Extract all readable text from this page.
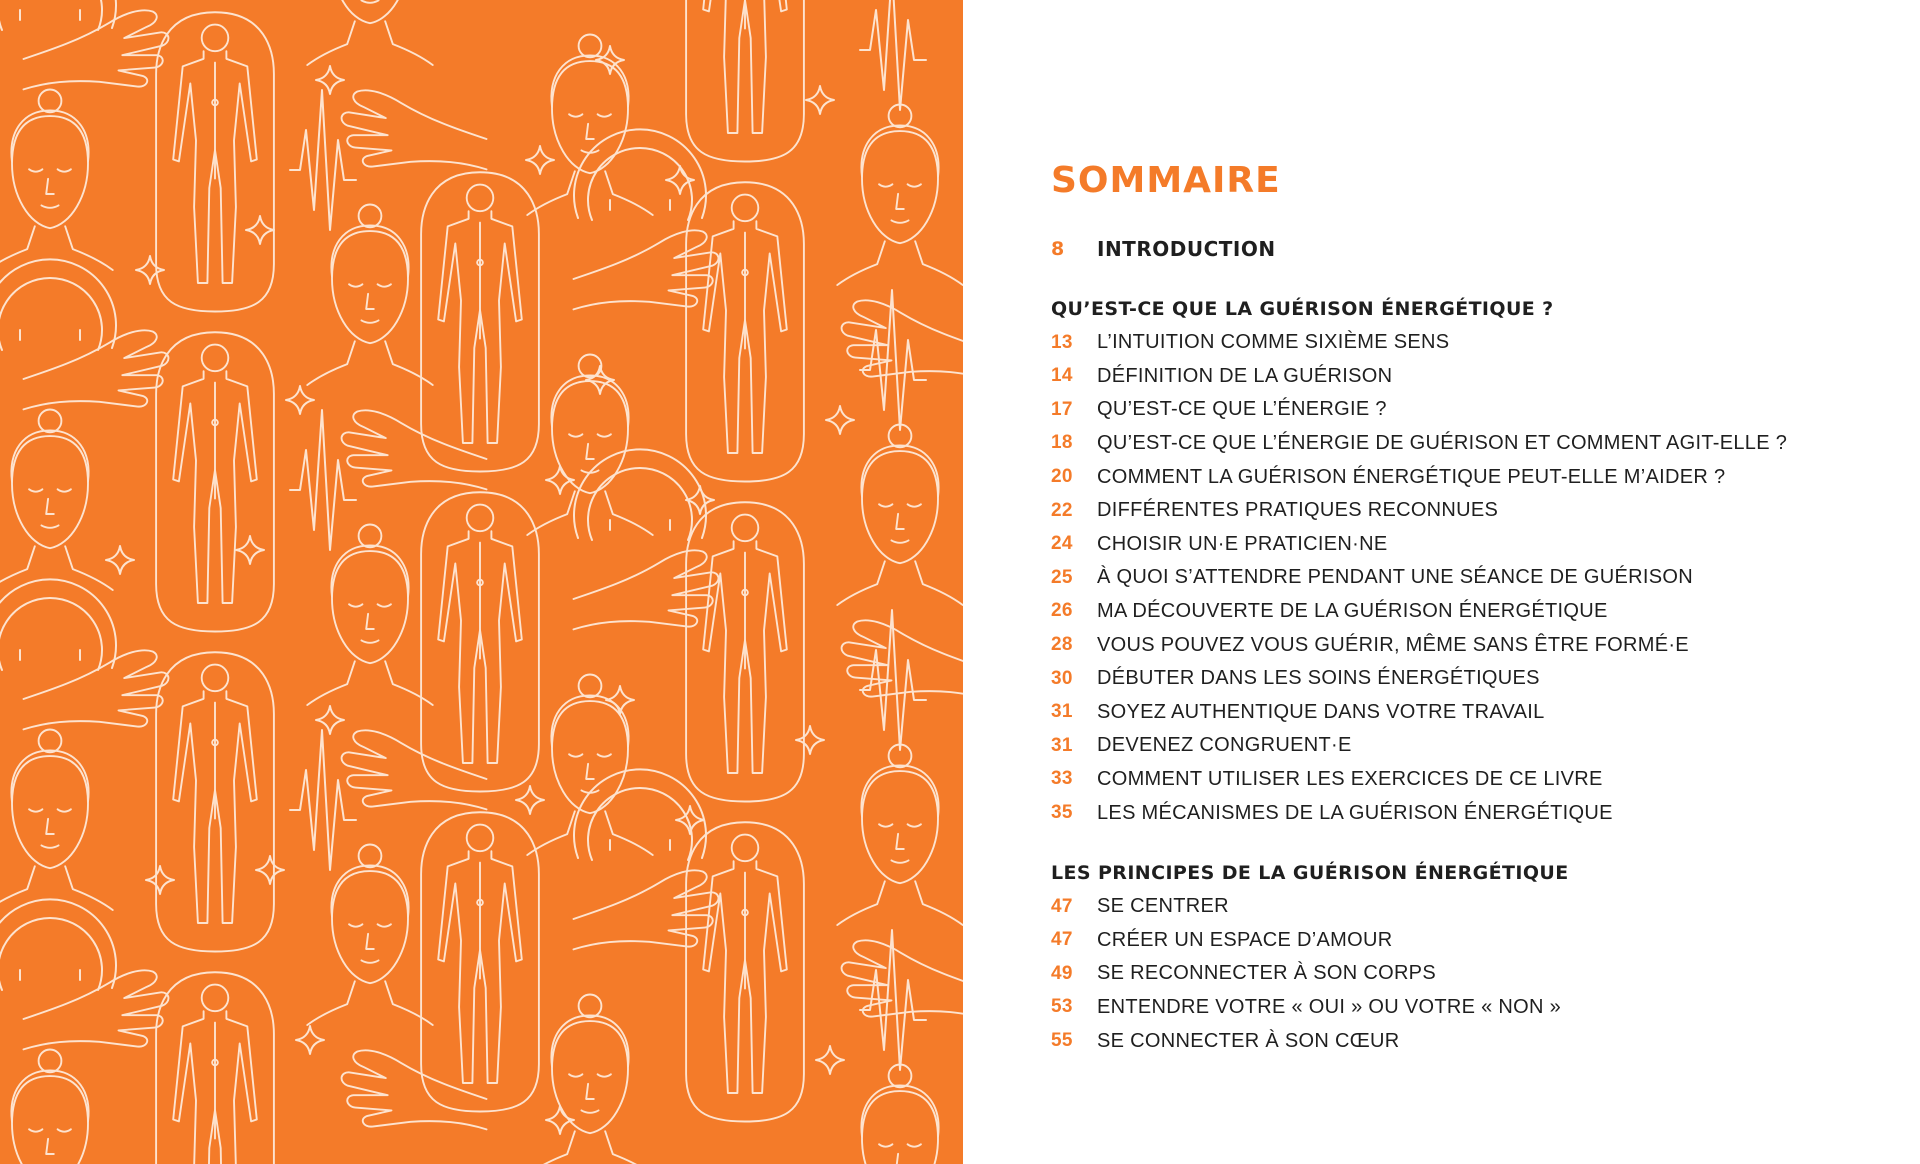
SOMMAIRE
8	INTRODUCTION
QU’EST-CE QUE LA GUÉRISON ÉNERGÉTIQUE ?
13	L’INTUITION COMME SIXIÈME SENS
14	DÉFINITION DE LA GUÉRISON
17	QU’EST-CE QUE L’ÉNERGIE ?
18	QU’EST-CE QUE L’ÉNERGIE DE GUÉRISON ET COMMENT AGIT-ELLE ?
20	COMMENT LA GUÉRISON ÉNERGÉTIQUE PEUT-ELLE M’AIDER ?
22	DIFFÉRENTES PRATIQUES RECONNUES
24	CHOISIR UN·E PRATICIEN·NE
25	À QUOI S’ATTENDRE PENDANT UNE SÉANCE DE GUÉRISON
26	MA DÉCOUVERTE DE LA GUÉRISON ÉNERGÉTIQUE
28	VOUS POUVEZ VOUS GUÉRIR, MÊME SANS ÊTRE FORMÉ·E
30	DÉBUTER DANS LES SOINS ÉNERGÉTIQUES
31	SOYEZ AUTHENTIQUE DANS VOTRE TRAVAIL
31	DEVENEZ CONGRUENT·E
33	COMMENT UTILISER LES EXERCICES DE CE LIVRE
35	LES MÉCANISMES DE LA GUÉRISON ÉNERGÉTIQUE
LES PRINCIPES DE LA GUÉRISON ÉNERGÉTIQUE
47	SE CENTRER
47	CRÉER UN ESPACE D’AMOUR
49	SE RECONNECTER À SON CORPS
53	ENTENDRE VOTRE « OUI » OU VOTRE « NON »
55	SE CONNECTER À SON CŒUR
